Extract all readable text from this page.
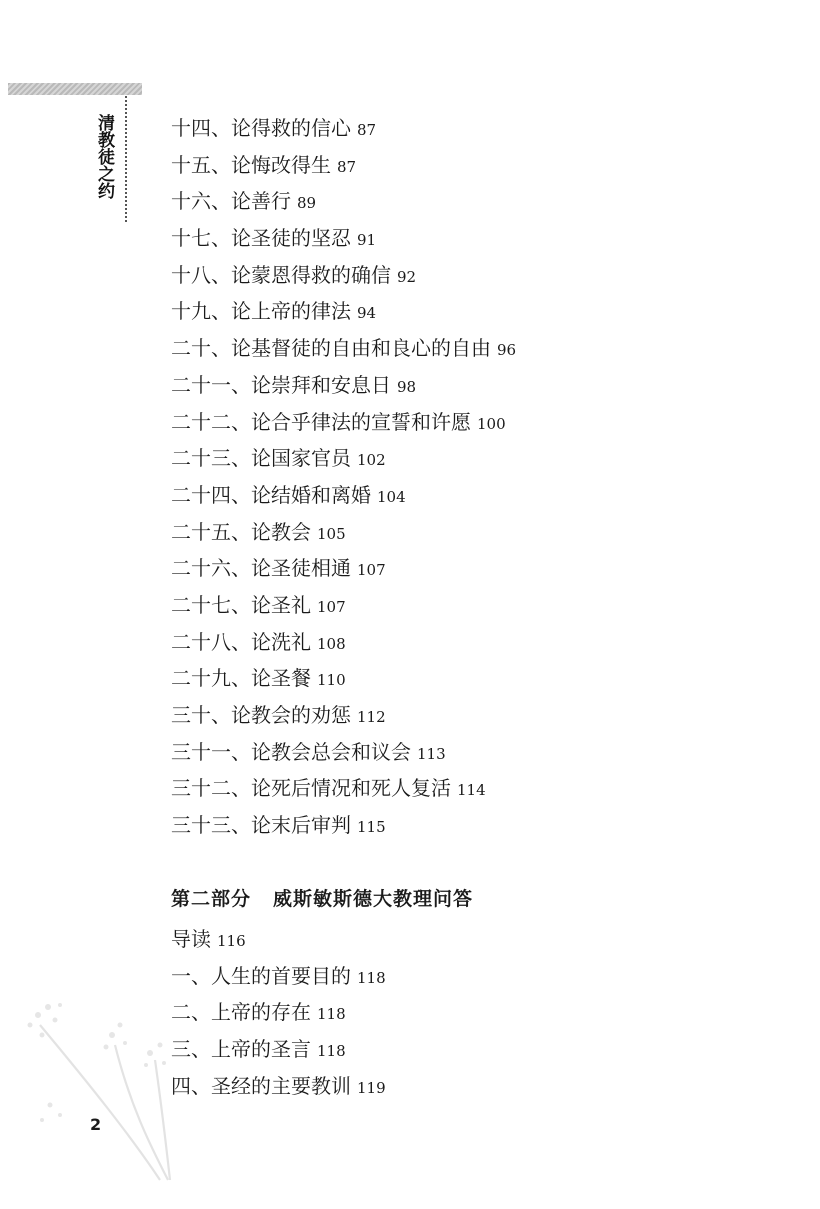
清教徒之约	十四、论得救的信心 87
十五、论悔改得生 87
十六、论善行 89
十七、论圣徒的坚忍 91
十八、论蒙恩得救的确信 92
十九、论上帝的律法 94
二十、论基督徒的自由和良心的自由 96
二十一、论崇拜和安息日 98
二十二、论合乎律法的宣誓和许愿 100
二十三、论国家官员 102
二十四、论结婚和离婚 104
二十五、论教会 105
二十六、论圣徒相通 107
二十七、论圣礼 107
二十八、论洗礼 108
二十九、论圣餐 110
三十、论教会的劝惩 112
三十一、论教会总会和议会 113
三十二、论死后情况和死人复活 114
三十三、论末后审判 115
第二部分 威斯敏斯德大教理问答
导读 116
一、人生的首要目的 118
二、上帝的存在 118
三、上帝的圣言 118
四、圣经的主要教训 119
2
